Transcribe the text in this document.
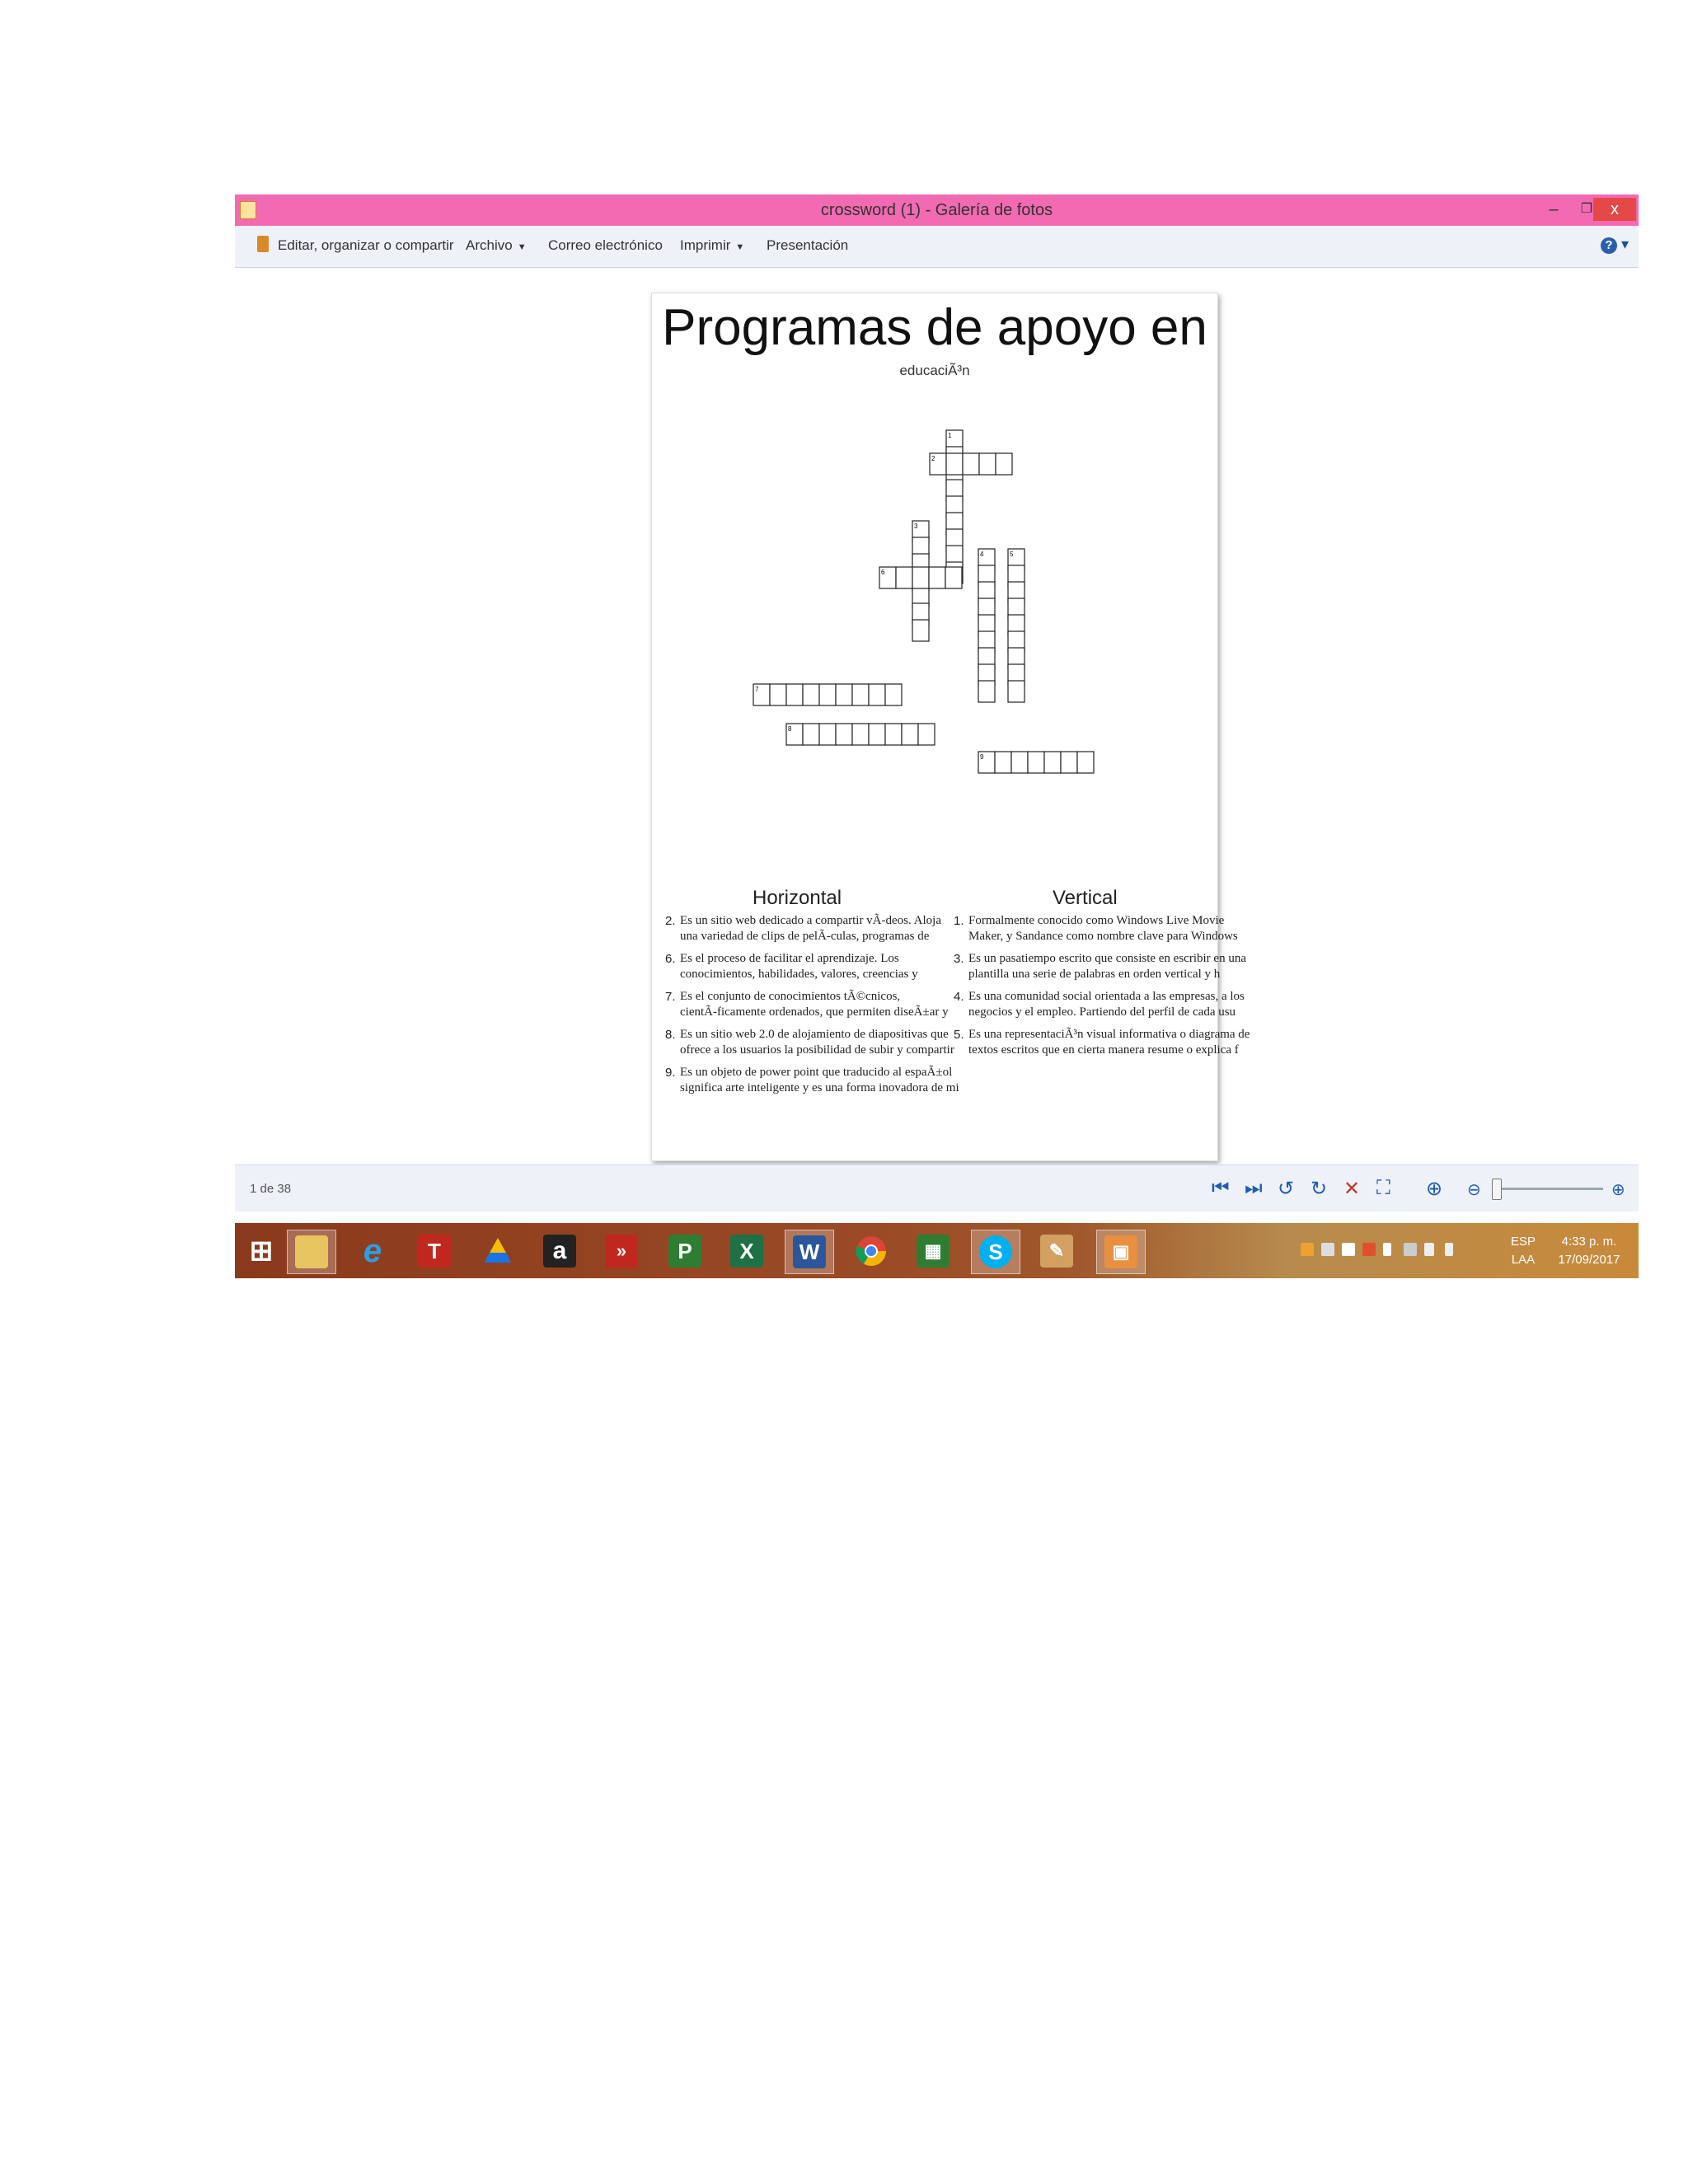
crossword (1) - Galería de fotos	–	❐	x
Editar, organizar o compartir Archivo ▼ Correo electrónico Imprimir ▼ Presentación	? ▾
Programas de apoyo en
educaciÃ³n
1
2
3
4	5
6
7
8
9
Horizontal	Vertical
2. Es un sitio web dedicado a compartir vÃ-deos. Aloja
una variedad de clips de pelÃ-culas, programas de
6. Es el proceso de facilitar el aprendizaje. Los
conocimientos, habilidades, valores, creencias y
7. Es el conjunto de conocimientos tÃ©cnicos,
cientÃ-ficamente ordenados, que permiten diseÃ±ar y
8. Es un sitio web 2.0 de alojamiento de diapositivas que
ofrece a los usuarios la posibilidad de subir y compartir
9. Es un objeto de power point que traducido al espaÃ±ol
significa arte inteligente y es una forma inovadora de mi
1. Formalmente conocido como Windows Live Movie
Maker, y Sandance como nombre clave para Windows
3. Es un pasatiempo escrito que consiste en escribir en una
plantilla una serie de palabras en orden vertical y h
4. Es una comunidad social orientada a las empresas, a los
negocios y el empleo. Partiendo del perfil de cada usu
5. Es una representaciÃ³n visual informativa o diagrama de
textos escritos que en cierta manera resume o explica f
1 de 38	⏮ ⏭ ↺ ↻ ✕ ⛶ ⊕ ⊖	⊕
⊞	e	T	a	»	P	X	W	▦	S	✎	▣	ESP
LAA
4:33 p. m.
17/09/2017
